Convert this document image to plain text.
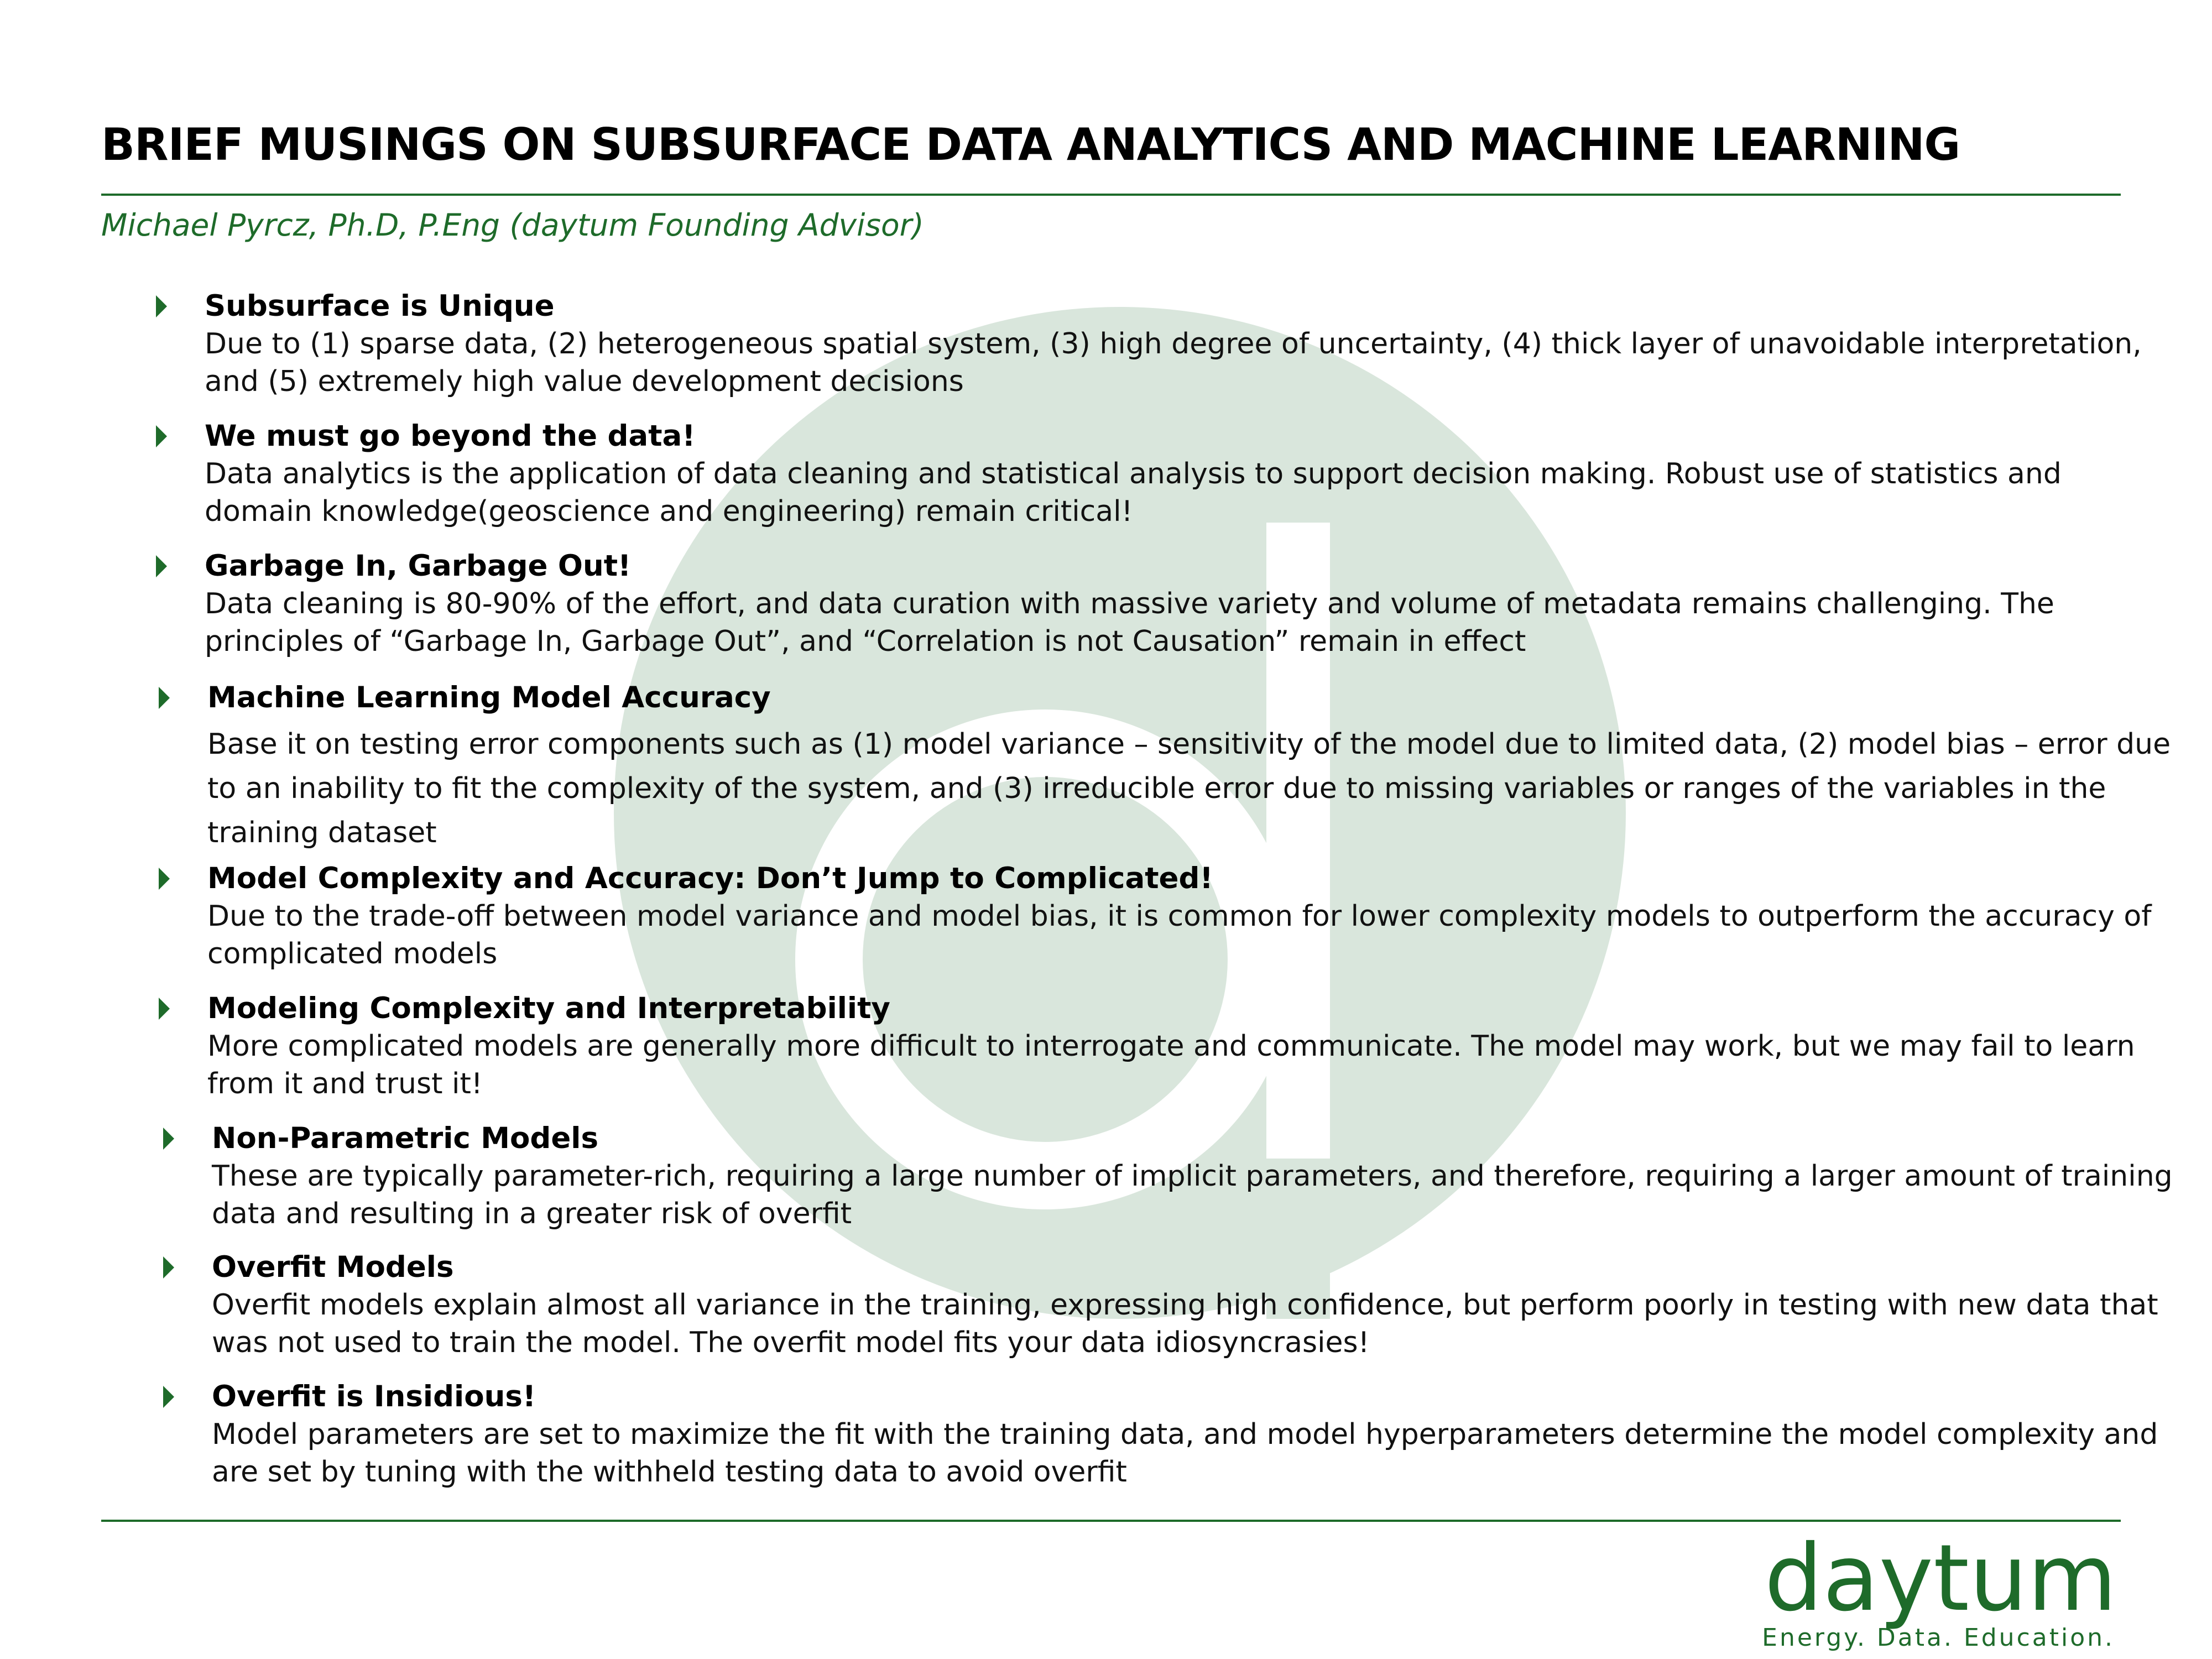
BRIEF MUSINGS ON SUBSURFACE DATA ANALYTICS AND MACHINE LEARNING
Michael Pyrcz, Ph.D, P.Eng (daytum Founding Advisor)
Subsurface is Unique
Due to (1) sparse data, (2) heterogeneous spatial system, (3) high degree of uncertainty, (4) thick layer of unavoidable interpretation, and (5) extremely high value development decisions
We must go beyond the data!
Data analytics is the application of data cleaning and statistical analysis to support decision making. Robust use of statistics and domain knowledge(geoscience and engineering) remain critical!
Garbage In, Garbage Out!
Data cleaning is 80-90% of the effort, and data curation with massive variety and volume of metadata remains challenging. The principles of “Garbage In, Garbage Out”, and “Correlation is not Causation” remain in effect
Machine Learning Model Accuracy
Base it on testing error components such as (1) model variance – sensitivity of the model due to limited data, (2) model bias – error due to an inability to fit the complexity of the system, and (3) irreducible error due to missing variables or ranges of the variables in the training dataset
Model Complexity and Accuracy: Don’t Jump to Complicated!
Due to the trade-off between model variance and model bias, it is common for lower complexity models to outperform the accuracy of complicated models
Modeling Complexity and Interpretability
More complicated models are generally more difficult to interrogate and communicate. The model may work, but we may fail to learn from it and trust it!
Non-Parametric Models
These are typically parameter-rich, requiring a large number of implicit parameters, and therefore, requiring a larger amount of training data and resulting in a greater risk of overfit
Overfit Models
Overfit models explain almost all variance in the training, expressing high confidence, but perform poorly in testing with new data that was not used to train the model. The overfit model fits your data idiosyncrasies!
Overfit is Insidious!
Model parameters are set to maximize the fit with the training data, and model hyperparameters determine the model complexity and are set by tuning with the withheld testing data to avoid overfit
daytum
Energy. Data. Education.
